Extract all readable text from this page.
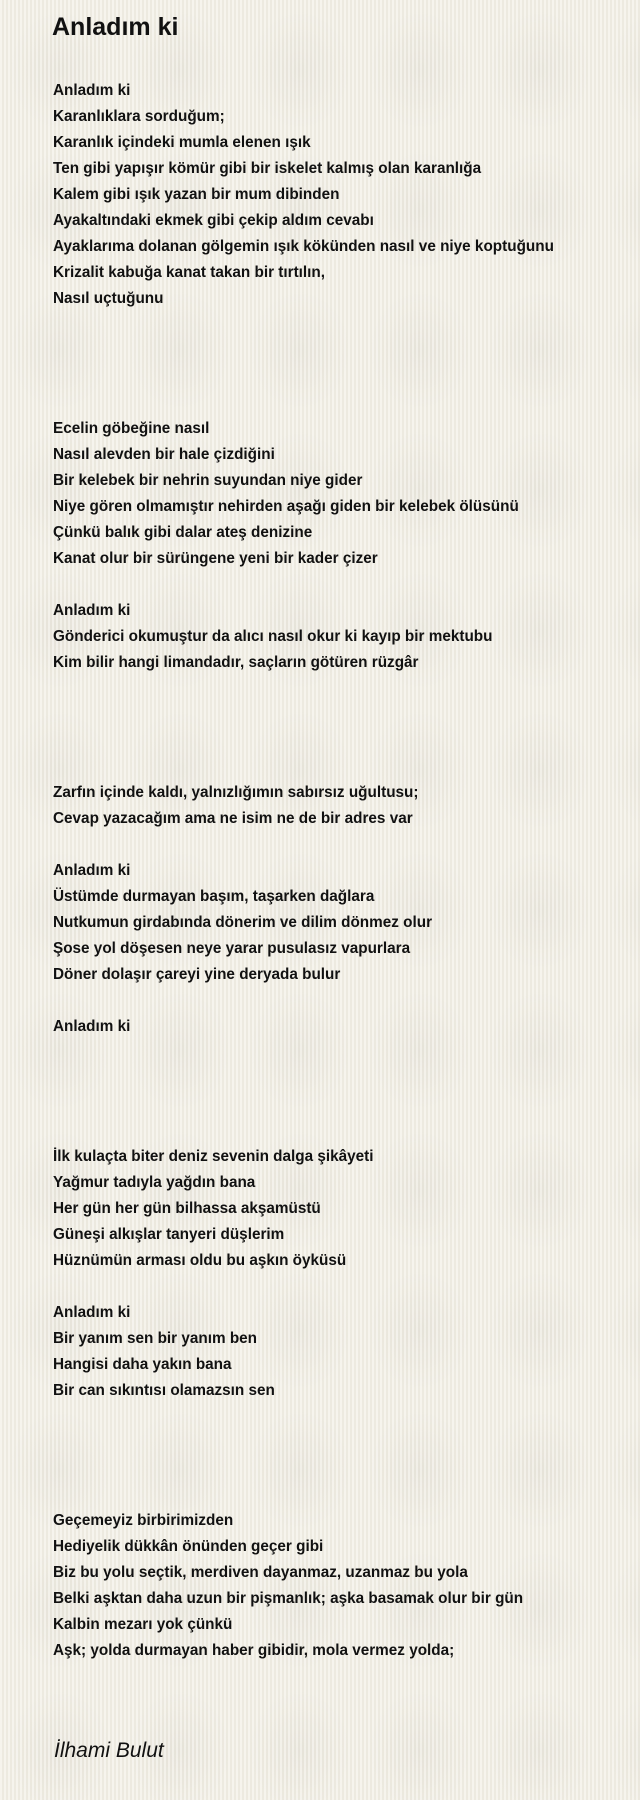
Anladım ki
Anladım ki
Karanlıklara sorduğum;
Karanlık içindeki mumla elenen ışık
Ten gibi yapışır kömür gibi bir iskelet kalmış olan karanlığa
Kalem gibi ışık yazan bir mum dibinden
Ayakaltındaki ekmek gibi çekip aldım cevabı
Ayaklarıma dolanan gölgemin ışık kökünden nasıl ve niye koptuğunu
Krizalit kabuğa kanat takan bir tırtılın,
Nasıl uçtuğunu
Ecelin göbeğine nasıl
Nasıl alevden bir hale çizdiğini
Bir kelebek bir nehrin suyundan niye gider
Niye gören olmamıştır nehirden aşağı giden bir kelebek ölüsünü
Çünkü balık gibi dalar ateş denizine
Kanat olur bir sürüngene yeni bir kader çizer
Anladım ki
Gönderici okumuştur da alıcı nasıl okur ki kayıp bir mektubu
Kim bilir hangi limandadır, saçların götüren rüzgâr
Zarfın içinde kaldı, yalnızlığımın sabırsız uğultusu;
Cevap yazacağım ama ne isim ne de bir adres var
Anladım ki
Üstümde durmayan başım, taşarken dağlara
Nutkumun girdabında dönerim ve dilim dönmez olur
Şose yol döşesen neye yarar pusulasız vapurlara
Döner dolaşır çareyi yine deryada bulur
Anladım ki
İlk kulaçta biter deniz sevenin dalga şikâyeti
Yağmur tadıyla yağdın bana
Her gün her gün bilhassa akşamüstü
Güneşi alkışlar tanyeri düşlerim
Hüznümün arması oldu bu aşkın öyküsü
Anladım ki
Bir yanım sen bir yanım ben
Hangisi daha yakın bana
Bir can sıkıntısı olamazsın sen
Geçemeyiz birbirimizden
Hediyelik dükkân önünden geçer gibi
Biz bu yolu seçtik, merdiven dayanmaz, uzanmaz bu yola
Belki aşktan daha uzun bir pişmanlık; aşka basamak olur bir gün
Kalbin mezarı yok çünkü
Aşk; yolda durmayan haber gibidir, mola vermez yolda;
İlhami Bulut
